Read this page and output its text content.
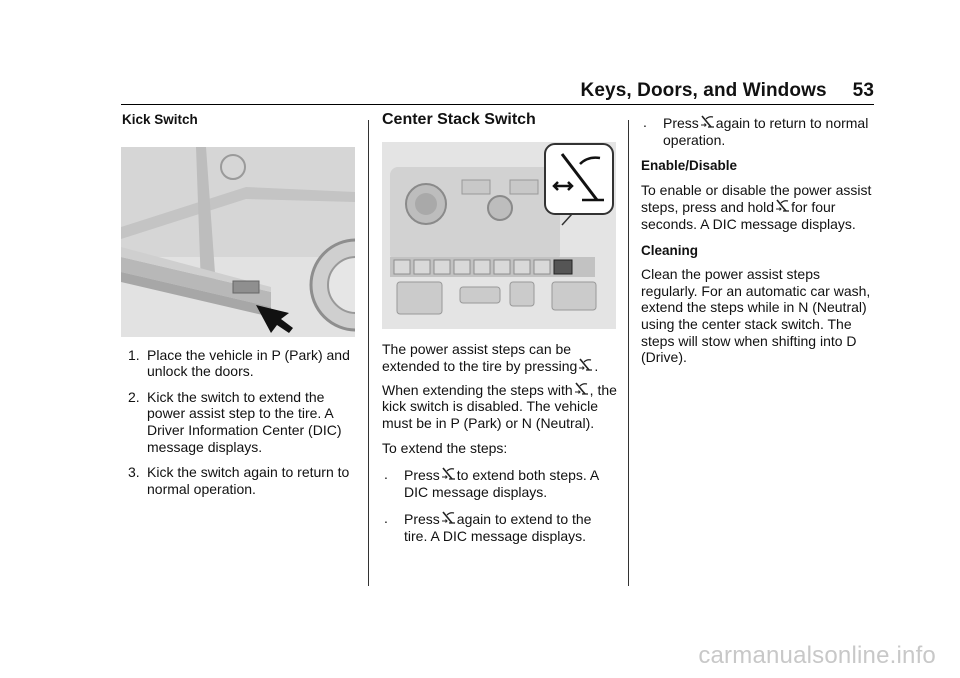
Keys, Doors, and Windows 53

Kick Switch

1. Place the vehicle in P (Park) and unlock the doors.
2. Kick the switch to extend the power assist step to the tire. A Driver Information Center (DIC) message displays.
3. Kick the switch again to return to normal operation.

Center Stack Switch

The power assist steps can be extended to the tire by pressing .

When extending the steps with , the kick switch is disabled. The vehicle must be in P (Park) or N (Neutral).

To extend the steps:

. Press to extend both steps. A DIC message displays.

. Press again to extend to the tire. A DIC message displays.

. Press again to return to normal operation.

Enable/Disable

To enable or disable the power assist steps, press and hold for four seconds. A DIC message displays.

Cleaning

Clean the power assist steps regularly. For an automatic car wash, extend the steps while in N (Neutral) using the center stack switch. The steps will stow when shifting into D (Drive).

carmanualsonline.info
